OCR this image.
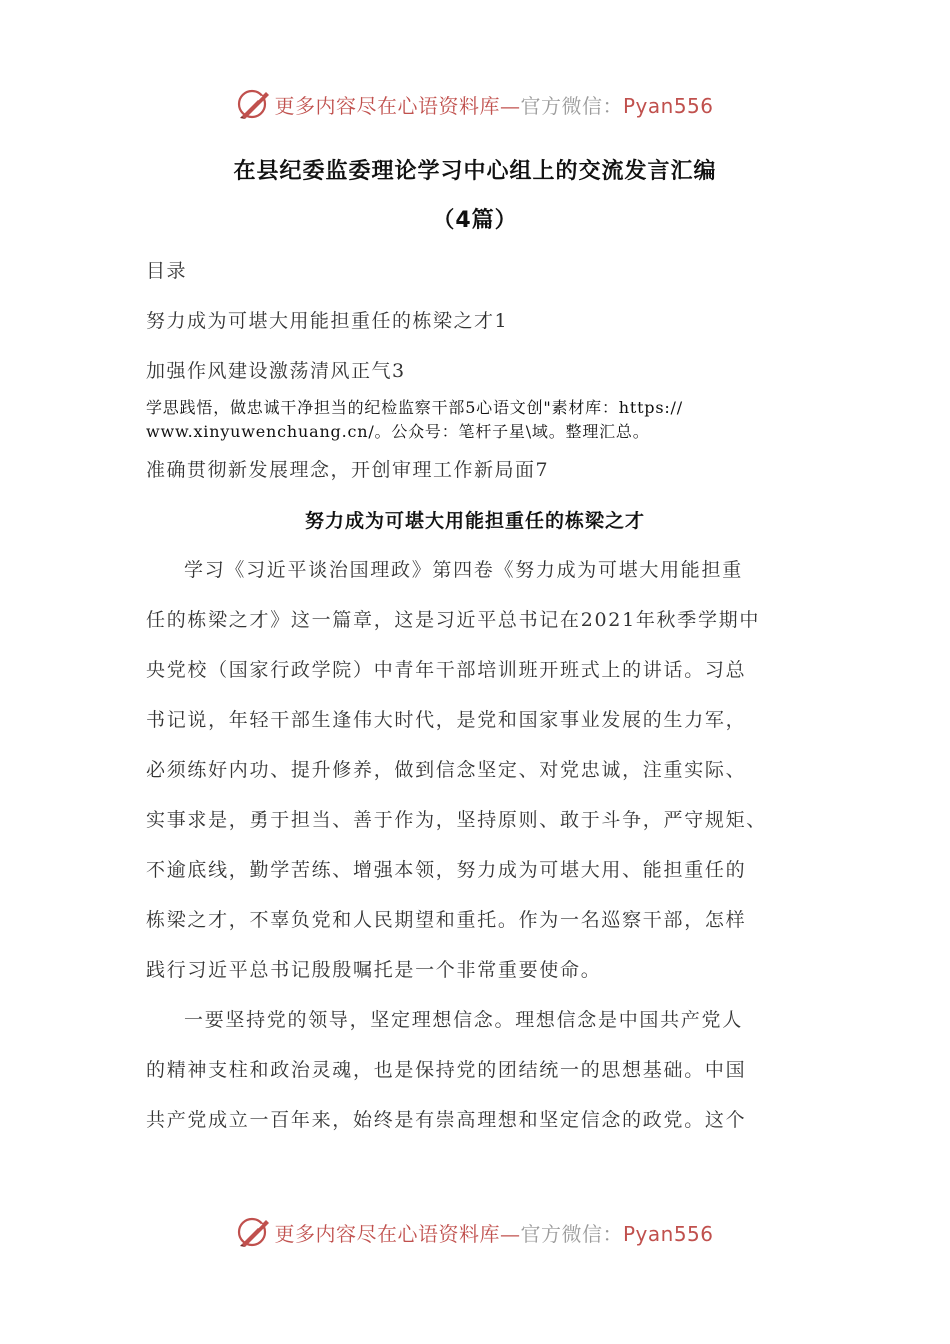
更多内容尽在心语资料库—官方微信：Pyan556
在县纪委监委理论学习中心组上的交流发言汇编
（4篇）
目录
努力成为可堪大用能担重任的栋梁之才1
加强作风建设激荡清风正气3
学思践悟，做忠诚干净担当的纪检监察干部5心语文创"素材库：https://
www.xinyuwenchuang.cn/。公众号：笔杆子星\域。整理汇总。
准确贯彻新发展理念，开创审理工作新局面7
努力成为可堪大用能担重任的栋梁之才
学习《习近平谈治国理政》第四卷《努力成为可堪大用能担重
任的栋梁之才》这一篇章，这是习近平总书记在2021年秋季学期中
央党校（国家行政学院）中青年干部培训班开班式上的讲话。习总
书记说，年轻干部生逢伟大时代，是党和国家事业发展的生力军，
必须练好内功、提升修养，做到信念坚定、对党忠诚，注重实际、
实事求是，勇于担当、善于作为，坚持原则、敢于斗争，严守规矩、
不逾底线，勤学苦练、增强本领，努力成为可堪大用、能担重任的
栋梁之才，不辜负党和人民期望和重托。作为一名巡察干部，怎样
践行习近平总书记殷殷嘱托是一个非常重要使命。
一要坚持党的领导，坚定理想信念。理想信念是中国共产党人
的精神支柱和政治灵魂，也是保持党的团结统一的思想基础。中国
共产党成立一百年来，始终是有崇高理想和坚定信念的政党。这个
更多内容尽在心语资料库—官方微信：Pyan556
